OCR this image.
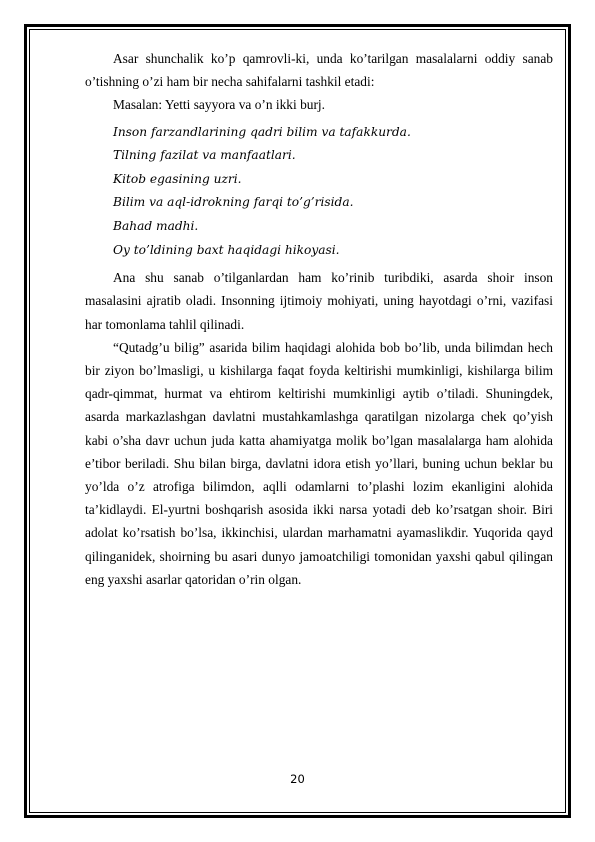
Asar shunchalik ko’p qamrovli-ki, unda ko’tarilgan masalalarni oddiy sanab o’tishning o’zi ham bir necha sahifalarni tashkil etadi:

Masalan: Yetti sayyora va o’n ikki burj.

Inson farzandlarining qadri bilim va tafakkurda.

Tilning fazilat va manfaatlari.

Kitob egasining uzri.

Bilim va aql-idrokning farqi to’g’risida.

Bahad madhi.

Oy to’ldining baxt haqidagi hikoyasi.

Ana shu sanab o’tilganlardan ham ko’rinib turibdiki, asarda shoir inson masalasini ajratib oladi. Insonning ijtimoiy mohiyati, uning hayotdagi o’rni, vazifasi har tomonlama tahlil qilinadi.

“Qutadg’u bilig” asarida bilim haqidagi alohida bob bo’lib, unda bilimdan hech bir ziyon bo’lmasligi, u kishilarga faqat foyda keltirishi mumkinligi, kishilarga bilim qadr-qimmat, hurmat va ehtirom keltirishi mumkinligi aytib o’tiladi. Shuningdek, asarda markazlashgan davlatni mustahkamlashga qaratilgan nizolarga chek qo’yish kabi o’sha davr uchun juda katta ahamiyatga molik bo’lgan masalalarga ham alohida e’tibor beriladi. Shu bilan birga, davlatni idora etish yo’llari, buning uchun beklar bu yo’lda o’z atrofiga bilimdon, aqlli odamlarni to’plashi lozim ekanligini alohida ta’kidlaydi. El-yurtni boshqarish asosida ikki narsa yotadi deb ko’rsatgan shoir. Biri adolat ko’rsatish bo’lsa, ikkinchisi, ulardan marhamatni ayamaslikdir. Yuqorida qayd qilinganidek, shoirning bu asari dunyo jamoatchiligi tomonidan yaxshi qabul qilingan eng yaxshi asarlar qatoridan o’rin olgan.

20
